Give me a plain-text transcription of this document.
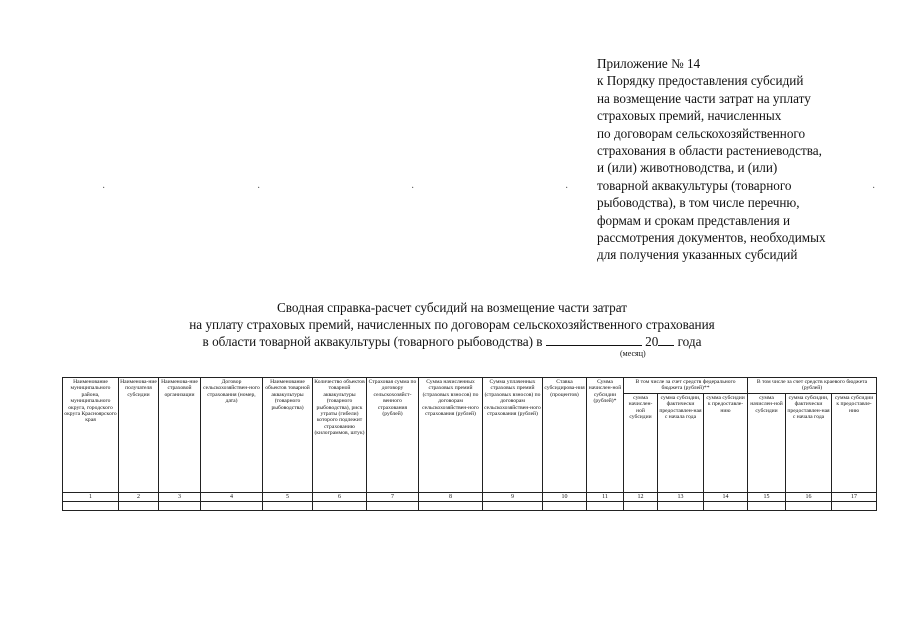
Приложение № 14
к Порядку предоставления субсидий
на возмещение части затрат на уплату
страховых премий, начисленных
по договорам сельскохозяйственного
страхования в области растениеводства,
и (или) животноводства, и (или)
товарной аквакультуры (товарного
рыбоводства), в том числе перечню,
формам и срокам представления и
рассмотрения документов, необходимых
для получения указанных субсидий
·	·	·	·	·
Сводная справка-расчет субсидий на возмещение части затрат
на уплату страховых премий, начисленных по договорам сельскохозяйственного страхования
в области товарной аквакультуры (товарного рыбоводства) в	20 года
(месяц)
Наименование муниципального района, муниципального округа, городского округа Красноярского края	Наименова-ние получателя субсидии	Наименова-ние страховой организации	Договор сельскохозяйствен-ного страхования (номер, дата)	Наименование объектов товарной аквакультуры (товарного рыбоводства)	Количество объектов товарной аквакультуры (товарного рыбоводства), риск утраты (гибели) которого подлежит страхованию (килограммов, штук)	Страховая сумма по договору сельскохозяйст-венного страхования (рублей)	Сумма начисленных страховых премий (страховых взносов) по договорам сельскохозяйствен-ного страхования (рублей)	Сумма уплаченных страховых премий (страховых взносов) по договорам сельскохозяйствен-ного страхования (рублей)	Ставка субсидирова-ния (процентов)	Сумма начислен-ной субсидии (рублей)*	В том числе за счет средств федерального бюджета (рублей)**			В том числе за счет средств краевого бюджета (рублей)		
											сумма начислен-ной субсидии	сумма субсидии, фактически предоставлен-ная с начала года	сумма субсидии к предоставле-нию	сумма начислен-ной субсидии	сумма субсидии, фактически предоставлен-ная с начала года	сумма субсидии к предоставле-нию
1	2	3	4	5	6	7	8	9	10	11	12	13	14	15	16	17
